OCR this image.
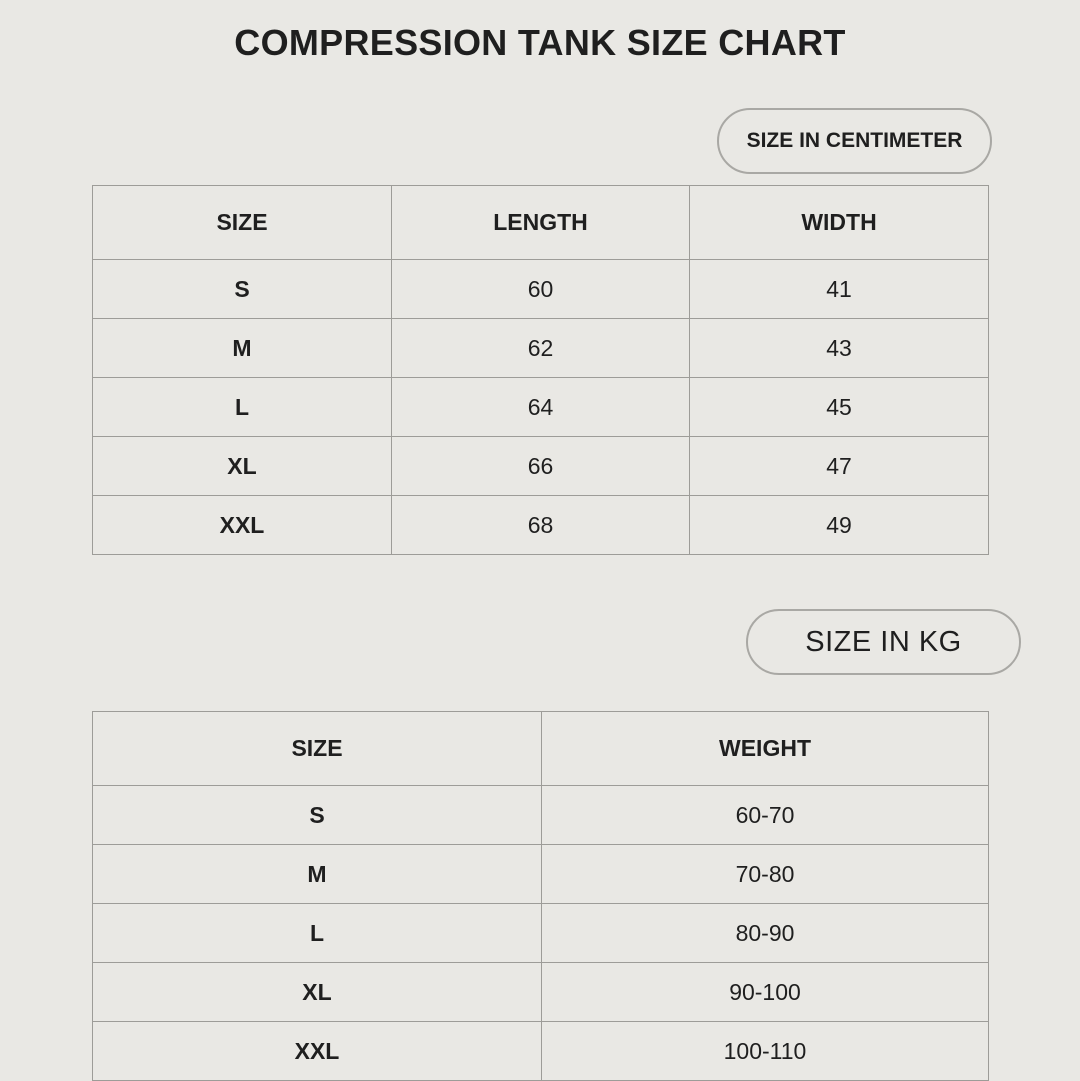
COMPRESSION TANK SIZE CHART
SIZE IN CENTIMETER
SIZE	LENGTH	WIDTH
S	60	41
M	62	43
L	64	45
XL	66	47
XXL	68	49
SIZE IN KG
SIZE	WEIGHT
S	60-70
M	70-80
L	80-90
XL	90-100
XXL	100-110
